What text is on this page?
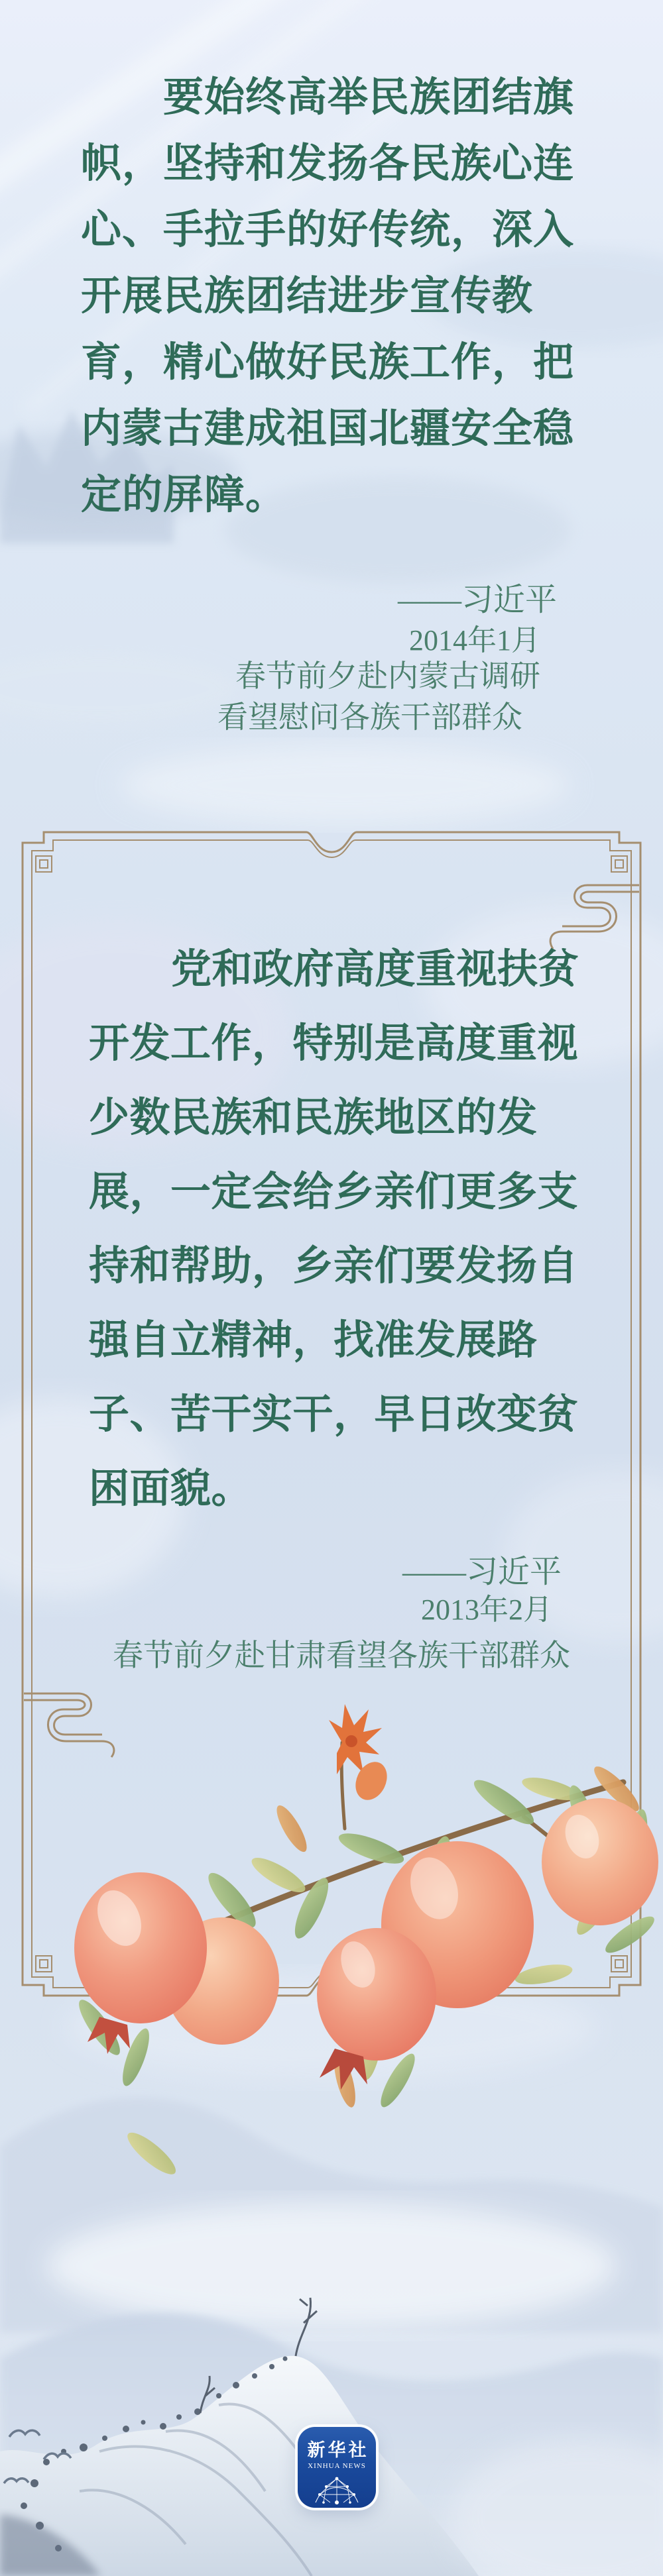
要始终高举民族团结旗
帜，坚持和发扬各民族心连
心、手拉手的好传统，深入
开展民族团结进步宣传教
育，精心做好民族工作，把
内蒙古建成祖国北疆安全稳
定的屏障。
——习近平
2014年1月
春节前夕赴内蒙古调研
看望慰问各族干部群众
党和政府高度重视扶贫
开发工作，特别是高度重视
少数民族和民族地区的发
展，一定会给乡亲们更多支
持和帮助，乡亲们要发扬自
强自立精神，找准发展路
子、苦干实干，早日改变贫
困面貌。
——习近平
2013年2月
春节前夕赴甘肃看望各族干部群众
新华社
XINHUA NEWS
